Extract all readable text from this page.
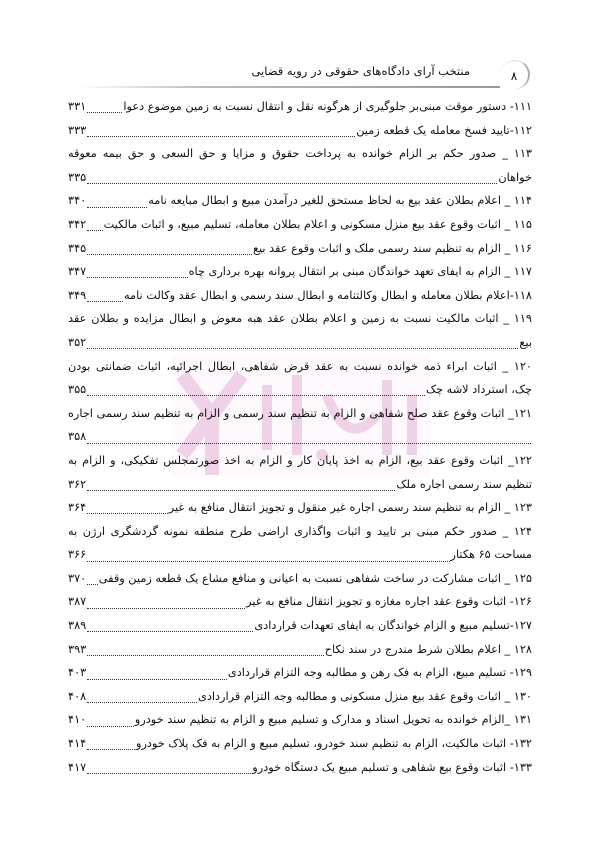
منتخب آرای دادگاه‌های حقوقی در رویه قضایی	۸
۱۱۱- دستور موقت مبنی‌بر جلوگیری از هرگونه نقل و انتقال نسبت به زمین موضوع دعوا
۳۳۱
۱۱۲-تایید فسخ معامله یک قطعه زمین
۳۳۳
۱۱۳ _ صدور حکم بر الزام خوانده به پرداخت حقوق و مزایا و حق السعی و حق بیمه معوقه
خواهان
۳۳۵
۱۱۴ _ اعلام بطلان عقد بیع به لحاظ مستحق للغیر درآمدن مبیع و ابطال مبایعه نامه
۳۴۰
۱۱۵ _ اثبات وقوع عقد بیع منزل مسکونی و اعلام بطلان معامله، تسلیم مبیع، و اثبات مالکیت
۳۴۲
۱۱۶ _ الزام به تنظیم سند رسمی ملک و اثبات وقوع عقد بیع
۳۴۵
۱۱۷ _ الزام به ایفای تعهد خواندگان مبنی بر انتقال پروانه بهره برداری چاه
۳۴۷
۱۱۸-اعلام بطلان معامله و ابطال وکالتنامه و ابطال سند رسمی و ابطال عقد وکالت نامه
۳۴۹
۱۱۹ _ اثبات مالکیت نسبت به زمین و اعلام بطلان عقد هبه معوض و ابطال مزایده و بطلان عقد
بیع
۳۵۲
۱۲۰ _ اثبات ابراء ذمه خوانده نسبت به عقد قرض شفاهی، ابطال اجرائیه، اثبات ضمانتی بودن
چک، استرداد لاشه چک
۳۵۵
۱۲۱_ اثبات وقوع عقد صلح شفاهی و الزام به تنظیم سند رسمی و الزام به تنظیم سند رسمی اجاره
۳۵۸
۱۲۲_ اثبات وقوع عقد بیع، الزام به اخذ پایان کار و الزام به اخذ صورتمجلس تفکیکی، و الزام به
تنظیم سند رسمی اجاره ملک
۳۶۲
۱۲۳ _ الزام به تنظیم سند رسمی اجاره غیر منقول و تجویز انتقال منافع به غیر
۳۶۴
۱۲۴ _ صدور حکم مبنی بر تایید و اثبات واگذاری اراضی طرح منطقه نمونه گردشگری ارژن به
مساحت ۶۵ هکتار
۳۶۶
۱۲۵ _ اثبات مشارکت در ساخت شفاهی نسبت به اعیانی و منافع مشاع یک قطعه زمین وقفی
۳۷۰
۱۲۶- اثبات وقوع عقد اجاره مغازه و تجویز انتقال منافع به غیر
۳۸۷
۱۲۷-تسلیم مبیع و الزام خواندگان به ایفای تعهدات قراردادی
۳۸۹
۱۲۸ _ اعلام بطلان شرط مندرج در سند نکاح
۳۹۳
۱۲۹- تسلیم مبیع، الزام به فک رهن و مطالبه وجه التزام قراردادی
۴۰۳
۱۳۰ _ اثبات وقوع عقد بیع منزل مسکونی و مطالبه وجه التزام قراردادی
۴۰۸
۱۳۱ _الزام خوانده به تحویل اسناد و مدارک و تسلیم مبیع و الزام به تنظیم سند خودرو
۴۱۰
۱۳۲- اثبات مالکیت، الزام به تنظیم سند خودرو، تسلیم مبیع و الزام به فک پلاک خودرو
۴۱۴
۱۳۳- اثبات وقوع بیع شفاهی و تسلیم مبیع یک دستگاه خودرو
۴۱۷
